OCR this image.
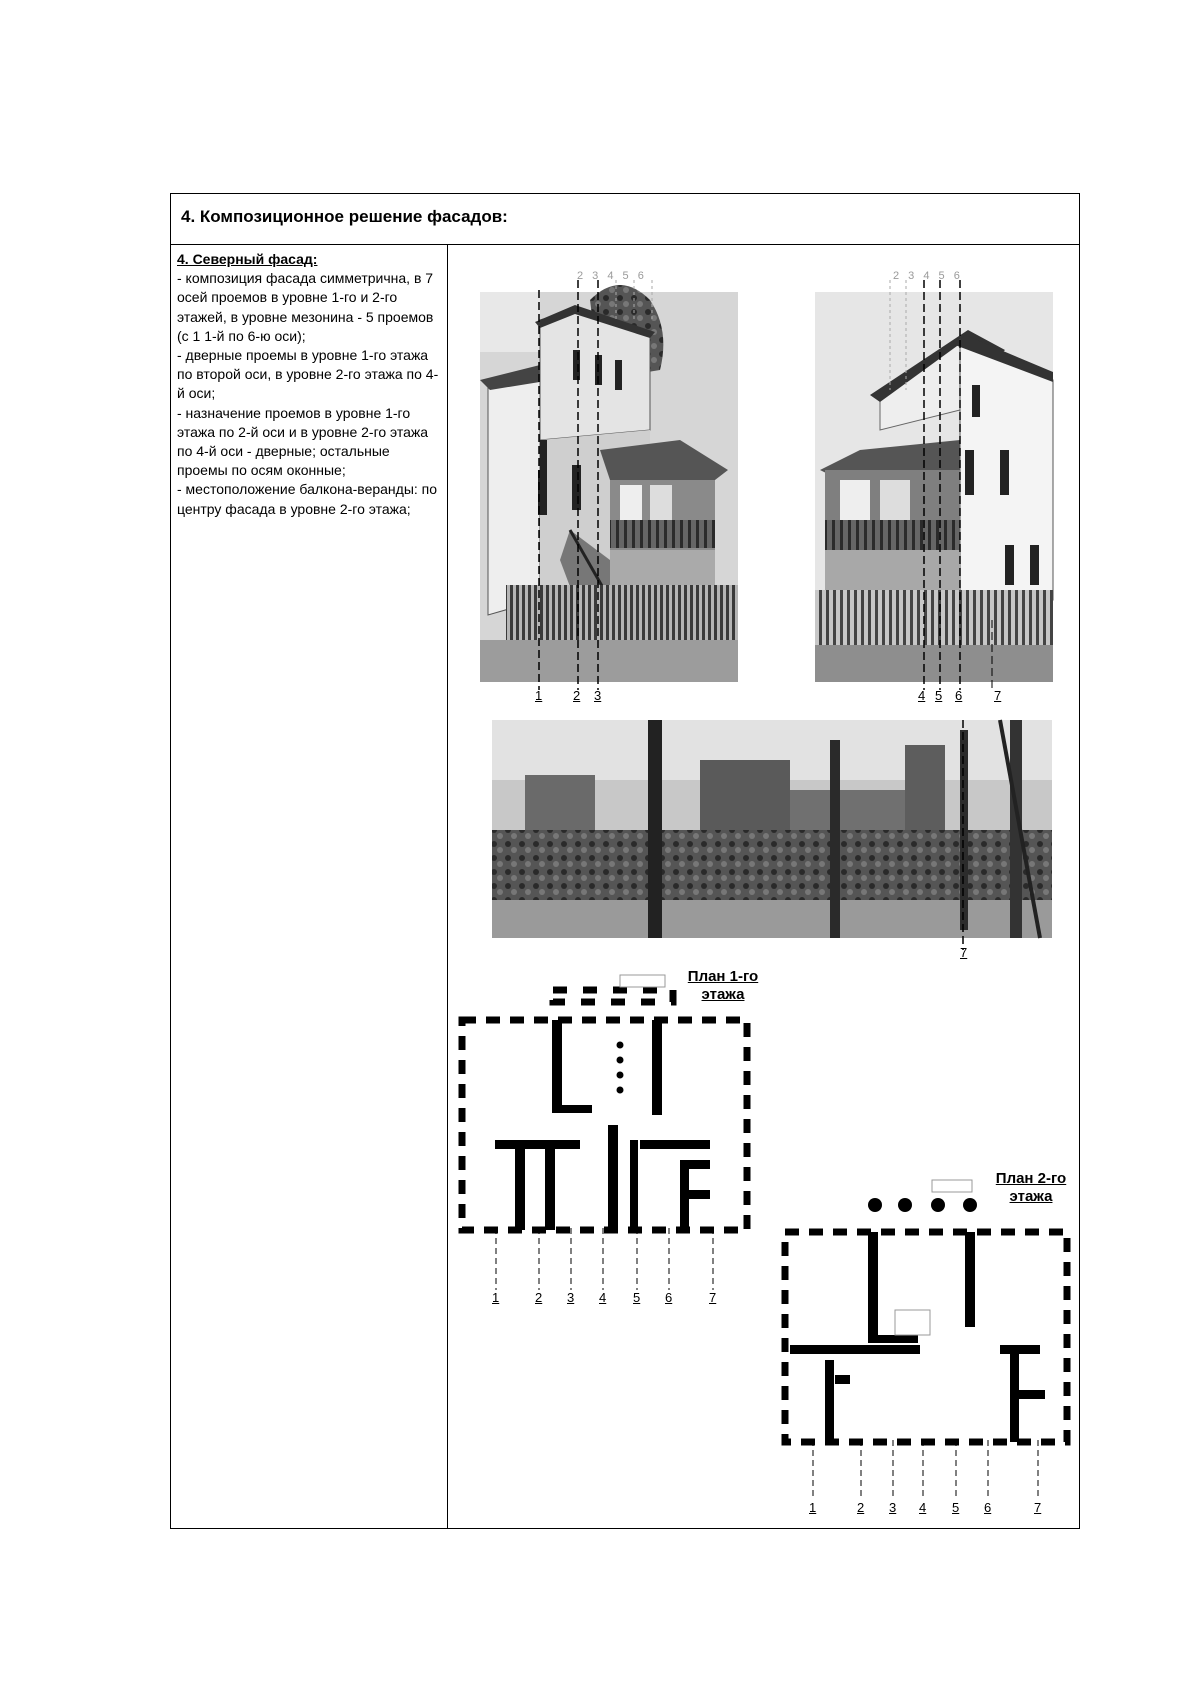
4. Композиционное решение фасадов:
4. Северный фасад:

- композиция фасада симметрична, в 7 осей проемов в уровне 1-го и 2-го этажей, в уровне мезонина - 5 проемов (с 1 1-й по 6-ю оси);

- дверные проемы в уровне 1-го этажа по второй оси, в уровне 2-го этажа по 4-й оси;

- назначение проемов в уровне 1-го этажа по 2-й оси и в уровне 2-го этажа по 4-й оси - дверные; остальные проемы по осям оконные;

- местоположение балкона-веранды: по центру фасада в уровне 2-го этажа;

2 3 4 5 6
1 2 3
2 3 4 5 6
4 5 6 7
7
План 1-го
этажа
1	2 3 4 5 6	7
План 2-го
этажа
1	2 3 4 5 6	7
